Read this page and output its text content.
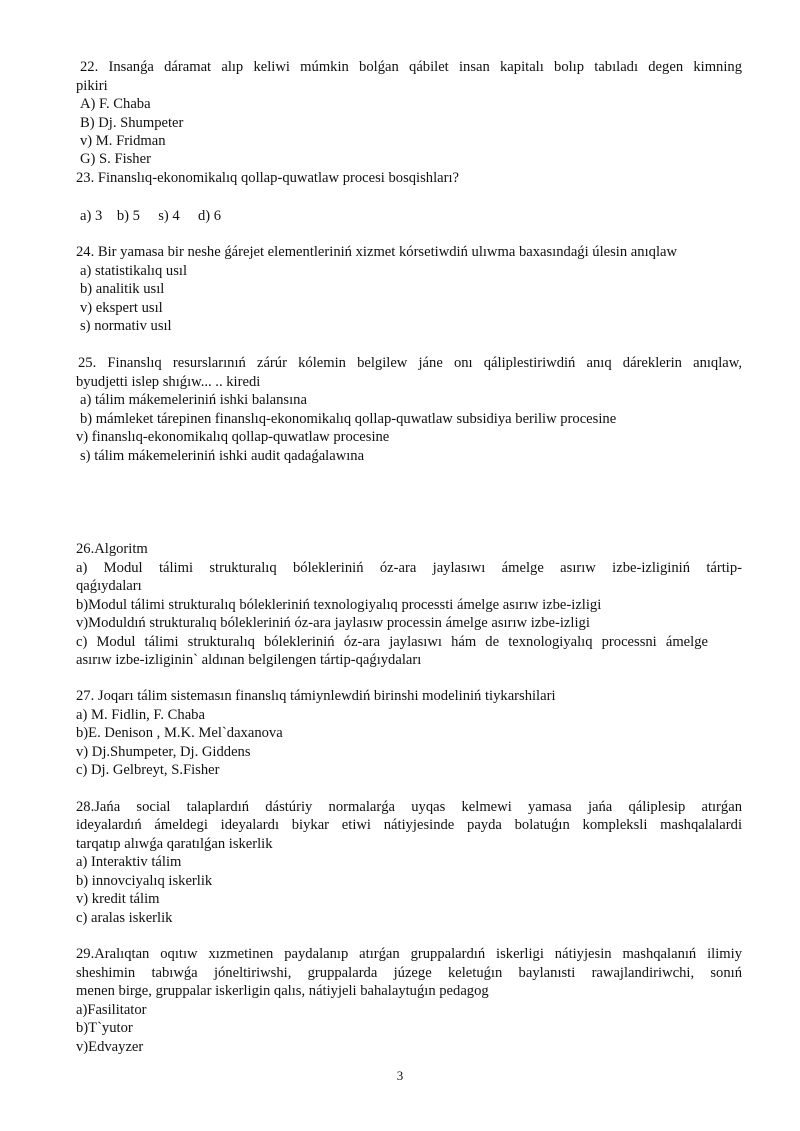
22. Insanǵa dáramat alıp keliwi múmkin bolǵan qábilet insan kapitalı bolıp tabıladı degen kimning
pikiri
A) F. Chaba
B) Dj. Shumpeter
v) M. Fridman
G) S. Fisher
23. Finanslıq-ekonomikalıq qollap-quwatlaw procesi bosqishları?
a) 3    b) 5     s) 4     d) 6
24. Bir yamasa bir neshe ǵárejet elementleriniń xizmet kórsetiwdiń ulıwma baxasındaǵi úlesin anıqlaw
a) statistikalıq usıl
b) analitik usıl
v) ekspert usıl
s) normativ usıl
25. Finanslıq resurslarınıń zárúr kólemin belgilew jáne onı qáliplestiriwdiń anıq dáreklerin anıqlaw,
byudjetti islep shıǵıw... .. kiredi
a) tálim mákemeleriniń ishki balansına
b) mámleket tárepinen finanslıq-ekonomikalıq qollap-quwatlaw subsidiya beriliw procesine
v) finanslıq-ekonomikalıq qollap-quwatlaw procesine
s) tálim mákemeleriniń ishki audit qadaǵalawına
26.Algoritm
a) Modul tálimi strukturalıq bólekleriniń óz-ara jaylasıwı ámelge asırıw izbe-izliginiń tártip-
qaǵıydaları
b)Modul tálimi strukturalıq bólekleriniń texnologiyalıq processti ámelge asırıw izbe-izligi
v)Moduldıń strukturalıq bólekleriniń óz-ara jaylasıw processin ámelge asırıw izbe-izligi
c) Modul tálimi strukturalıq bólekleriniń óz-ara jaylasıwı hám de texnologiyalıq processni ámelge
asırıw izbe-izliginin` aldınan belgilengen tártip-qaǵıydaları
27. Joqarı tálim sistemasın finanslıq támiynlewdiń birinshi modeliniń tiykarshilari
a) M. Fidlin, F. Chaba
b)E. Denison , M.K. Mel`daxanova
v) Dj.Shumpeter, Dj. Giddens
c) Dj. Gelbreyt, S.Fisher
28.Jańa social talaplardıń dástúriy normalarǵa uyqas kelmewi yamasa jańa qáliplesip atırǵan
ideyalardıń ámeldegi ideyalardı biykar etiwi nátiyjesinde payda bolatuǵın kompleksli mashqalalardi
tarqatıp alıwǵa qaratılǵan iskerlik
a) Interaktiv tálim
b) innovciyalıq iskerlik
v) kredit tálim
c) aralas iskerlik
29.Aralıqtan oqıtıw xızmetinen paydalanıp atırǵan gruppalardıń iskerligi nátiyjesin mashqalanıń ilimiy
sheshimin tabıwǵa jóneltiriwshi, gruppalarda júzege keletuǵın baylanısti rawajlandiriwchi, sonıń
menen birge, gruppalar iskerligin qalıs, nátiyjeli bahalaytuǵın pedagog
a)Fasilitator
b)T`yutor
v)Edvayzer
3
